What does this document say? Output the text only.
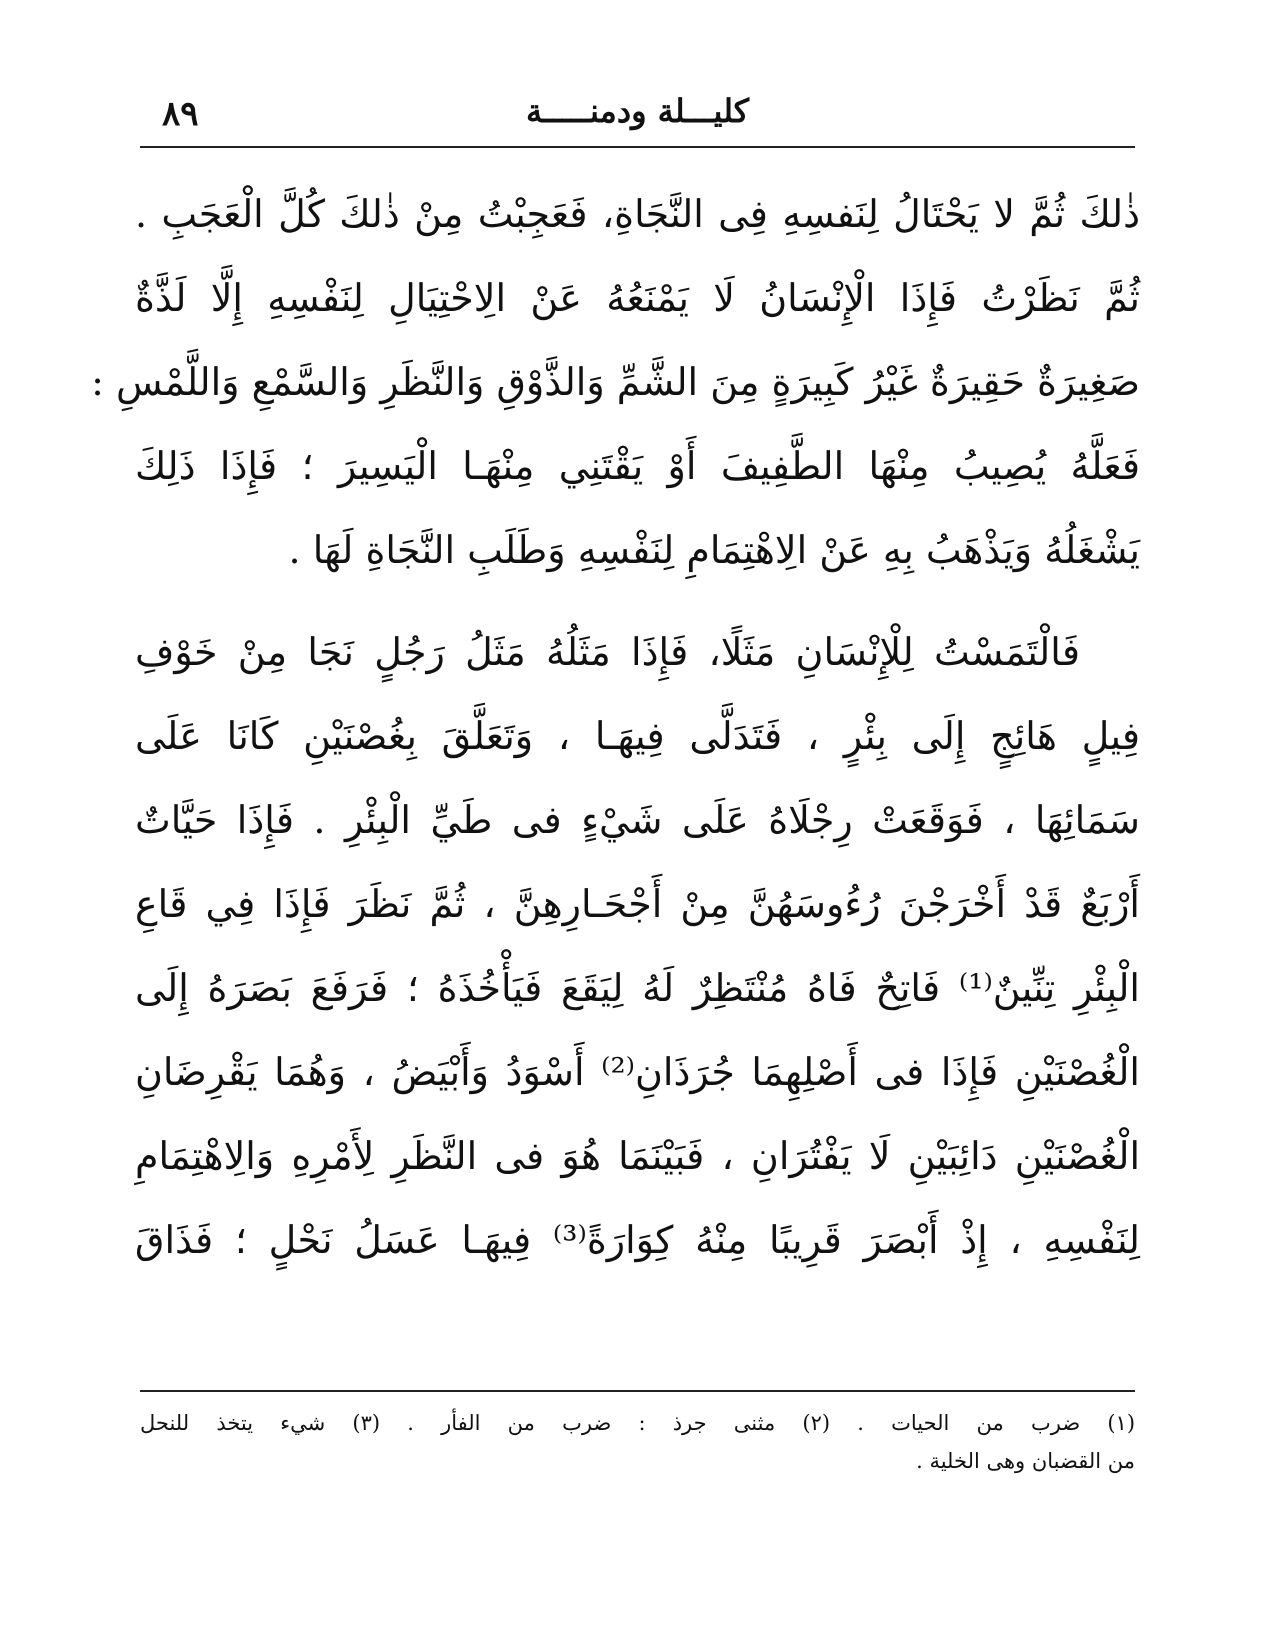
٨٩	كليـــلة ودمنـــــة
ذٰلكَ ثُمَّ لا يَحْتَالُ لِنَفسِهِ فِى النَّجَاةِ، فَعَجِبْتُ مِنْ ذٰلكَ كُلَّ الْعَجَبِ .
ثُمَّ نَظَرْتُ فَإِذَا الْإِنْسَانُ لَا يَمْنَعُهُ عَنْ الِاحْتِيَالِ لِنَفْسِهِ إِلَّا لَذَّةٌ
صَغِيرَةٌ حَقِيرَةٌ غَيْرُ كَبِيرَةٍ مِنَ الشَّمِّ وَالذَّوْقِ وَالنَّظَرِ وَالسَّمْعِ وَاللَّمْسِ :
فَعَلَّهُ يُصِيبُ مِنْهَا الطَّفِيفَ أَوْ يَقْتَنِي مِنْهَـا الْيَسِيرَ ؛ فَإِذَا ذَلِكَ
يَشْغَلُهُ وَيَذْهَبُ بِهِ عَنْ الِاهْتِمَامِ لِنَفْسِهِ وَطَلَبِ النَّجَاةِ لَهَا .
فَالْتَمَسْتُ لِلْإِنْسَانِ مَثَلًا، فَإِذَا مَثَلُهُ مَثَلُ رَجُلٍ نَجَا مِنْ خَوْفِ
فِيلٍ هَائِجٍ إِلَى بِئْرٍ ، فَتَدَلَّى فِيهَـا ، وَتَعَلَّقَ بِغُصْنَيْنِ كَانَا عَلَى
سَمَائِهَا ، فَوَقَعَتْ رِجْلَاهُ عَلَى شَيْءٍ فى طَيِّ الْبِئْرِ . فَإِذَا حَيَّاتٌ
أَرْبَعٌ قَدْ أَخْرَجْنَ رُءُوسَهُنَّ مِنْ أَجْحَـارِهِنَّ ، ثُمَّ نَظَرَ فَإِذَا فِي قَاعِ
الْبِئْرِ تِنِّينٌ⁽¹⁾ فَاتِحٌ فَاهُ مُنْتَظِرٌ لَهُ لِيَقَعَ فَيَأْخُذَهُ ؛ فَرَفَعَ بَصَرَهُ إِلَى
الْغُصْنَيْنِ فَإِذَا فى أَصْلِهِمَا جُرَذَانِ⁽²⁾ أَسْوَدُ وَأَبْيَضُ ، وَهُمَا يَقْرِضَانِ
الْغُصْنَيْنِ دَائِبَيْنِ لَا يَفْتُرَانِ ، فَبَيْنَمَا هُوَ فى النَّظَرِ لِأَمْرِهِ وَالِاهْتِمَامِ
لِنَفْسِهِ ، إِذْ أَبْصَرَ قَرِيبًا مِنْهُ كِوَارَةً⁽³⁾ فِيهَـا عَسَلُ نَحْلٍ ؛ فَذَاقَ
(١) ضرب من الحيات . (٢) مثنى جرذ : ضرب من الفأر . (٣) شيء يتخذ للنحل
من القضبان وهى الخلية .
